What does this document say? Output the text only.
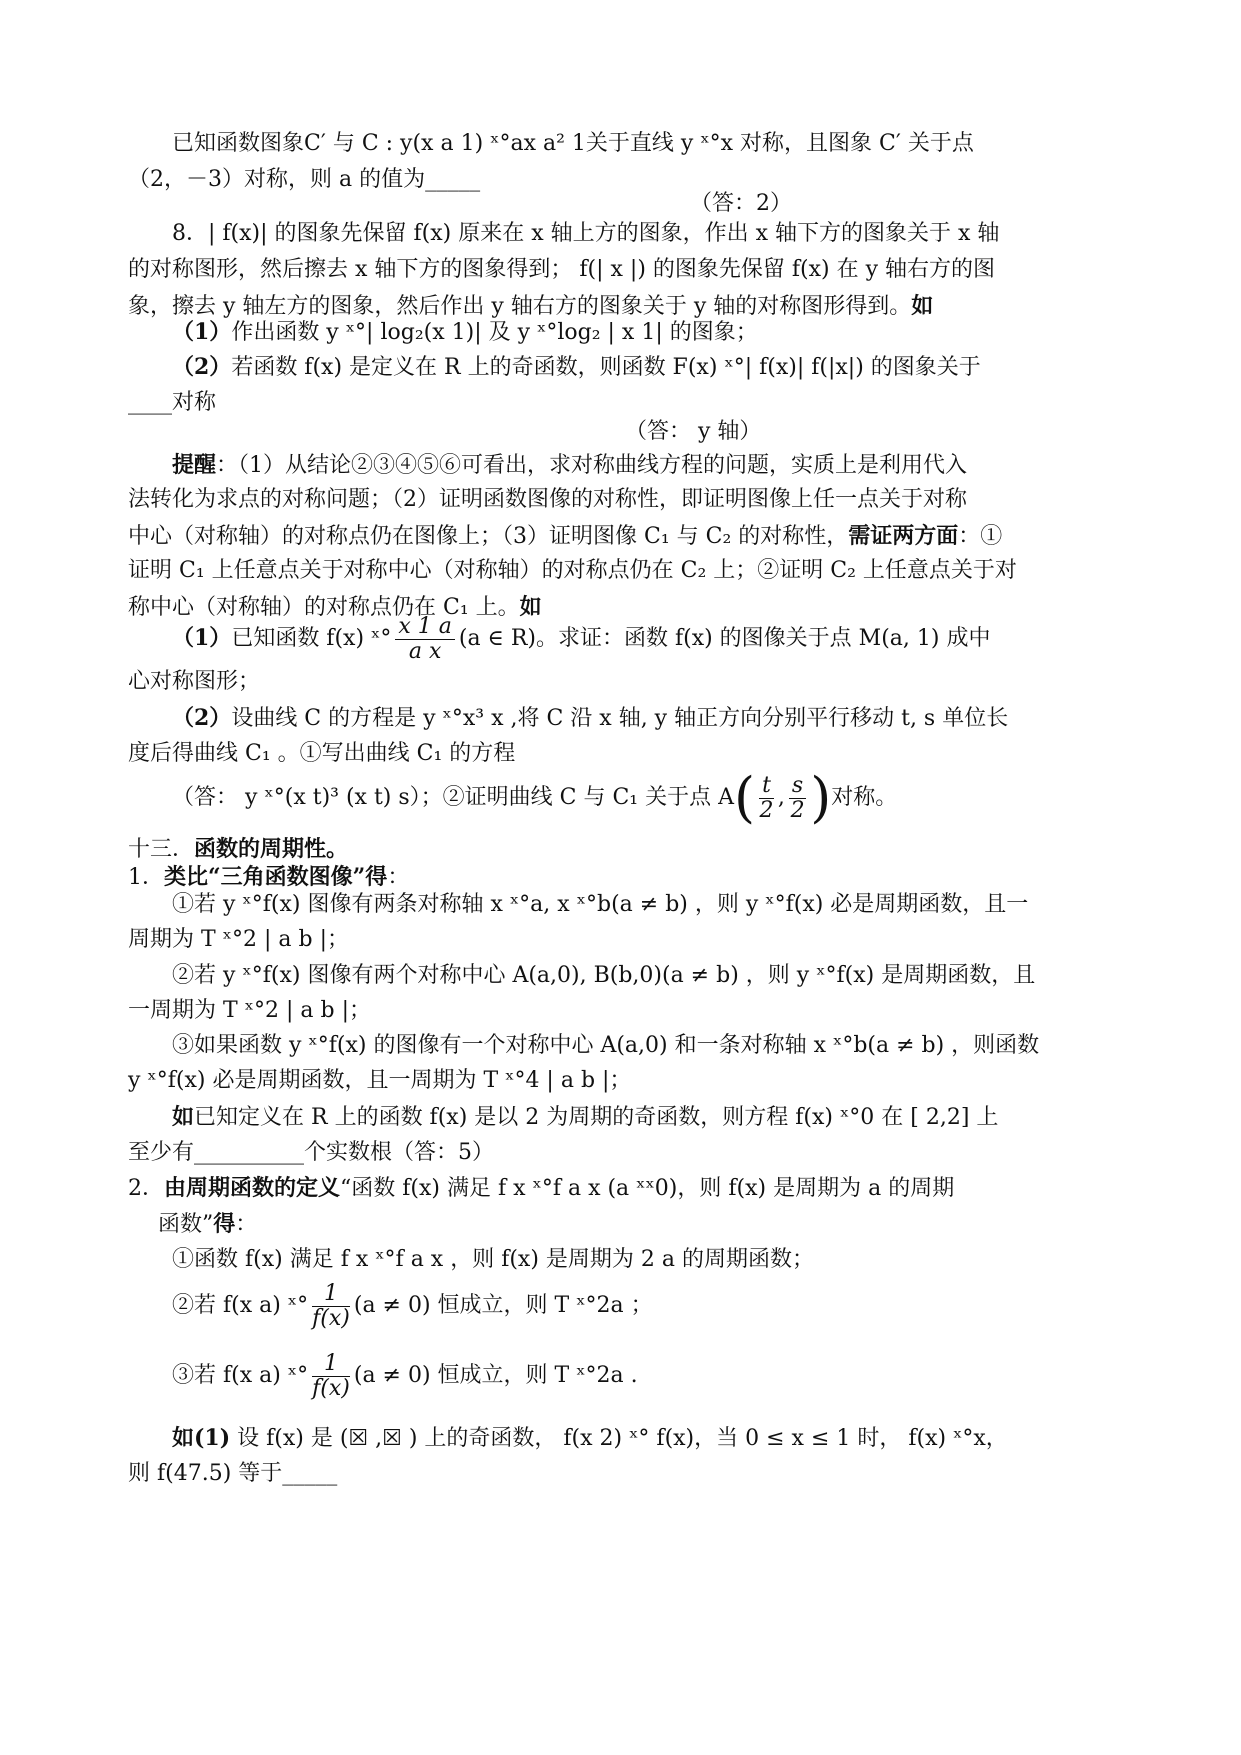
已知函数图象C′ 与 C : y(x a 1) ˣ°ax a² 1关于直线 y ˣ°x 对称，且图象 C′ 关于点
（2，－3）对称，则 a 的值为_____
（答：2）
8．| f(x)| 的图象先保留 f(x) 原来在 x 轴上方的图象，作出 x 轴下方的图象关于 x 轴
的对称图形，然后擦去 x 轴下方的图象得到； f(| x |) 的图象先保留 f(x) 在 y 轴右方的图
象，擦去 y 轴左方的图象，然后作出 y 轴右方的图象关于 y 轴的对称图形得到。如
（1）作出函数 y ˣ°| log₂(x 1)| 及 y ˣ°log₂ | x 1| 的图象；
（2）若函数 f(x) 是定义在 R 上的奇函数，则函数 F(x) ˣ°| f(x)| f(|x|) 的图象关于
____对称
（答： y 轴）
提醒：（1）从结论②③④⑤⑥可看出，求对称曲线方程的问题，实质上是利用代入
法转化为求点的对称问题；（2）证明函数图像的对称性，即证明图像上任一点关于对称
中心（对称轴）的对称点仍在图像上；（3）证明图像 C₁ 与 C₂ 的对称性，需证两方面：①
证明 C₁ 上任意点关于对称中心（对称轴）的对称点仍在 C₂ 上；②证明 C₂ 上任意点关于对
称中心（对称轴）的对称点仍在 C₁ 上。如
（1）已知函数 f(x) ˣ° $\frac{x 1 a}{\text{a x}} (a$ ∈ R)。求证：函数 f(x) 的图像关于点 M(a, 1) 成中
心对称图形；
（2）设曲线 C 的方程是 y ˣ°x³ x ,将 C 沿 x 轴, y 轴正方向分别平行移动 t, s 单位长
度后得曲线 C₁ 。①写出曲线 C₁ 的方程
（答： y ˣ°(x t)³ (x t) s）；②证明曲线 C 与 C₁ 关于点 $A( \frac{t}{2}$ , $\frac{s}{2}$ )对称。
十三．函数的周期性。
1．类比“三角函数图像”得：
①若 y ˣ°f(x) 图像有两条对称轴 x ˣ°a, x ˣ°b(a ≠ b) ，则 y ˣ°f(x) 必是周期函数，且一
周期为 T ˣ°2 | a b |；
②若 y ˣ°f(x) 图像有两个对称中心 A(a,0), B(b,0)(a ≠ b) ，则 y ˣ°f(x) 是周期函数，且
一周期为 T ˣ°2 | a b |；
③如果函数 y ˣ°f(x) 的图像有一个对称中心 A(a,0) 和一条对称轴 x ˣ°b(a ≠ b) ，则函数
y ˣ°f(x) 必是周期函数，且一周期为 T ˣ°4 | a b |；
如已知定义在 R 上的函数 f(x) 是以 2 为周期的奇函数，则方程 f(x) ˣ°0 在 [ 2,2] 上
至少有__________个实数根（答：5）
2．由周期函数的定义“函数 f(x) 满足 f x ˣ°f a x (a ˣˣ0)，则 f(x) 是周期为 a 的周期
函数”得：
①函数 f(x) 满足 f x ˣ°f a x ，则 f(x) 是周期为 2 a 的周期函数；
②若 f(x a) ˣ° $\frac{1}{f(x)} (a \ne 0)$ 恒成立，则 T ˣ°2a ；
③若 f(x a) ˣ° $\frac{1}{f(x)} (a \ne 0)$ 恒成立，则 T ˣ°2a .
如(1) 设 f(x) 是 (☒ ,☒ ) 上的奇函数， f(x 2) ˣ° f(x)，当 0 ≤ x ≤ 1 时， f(x) ˣ°x，
则 f(47.5) 等于_____
